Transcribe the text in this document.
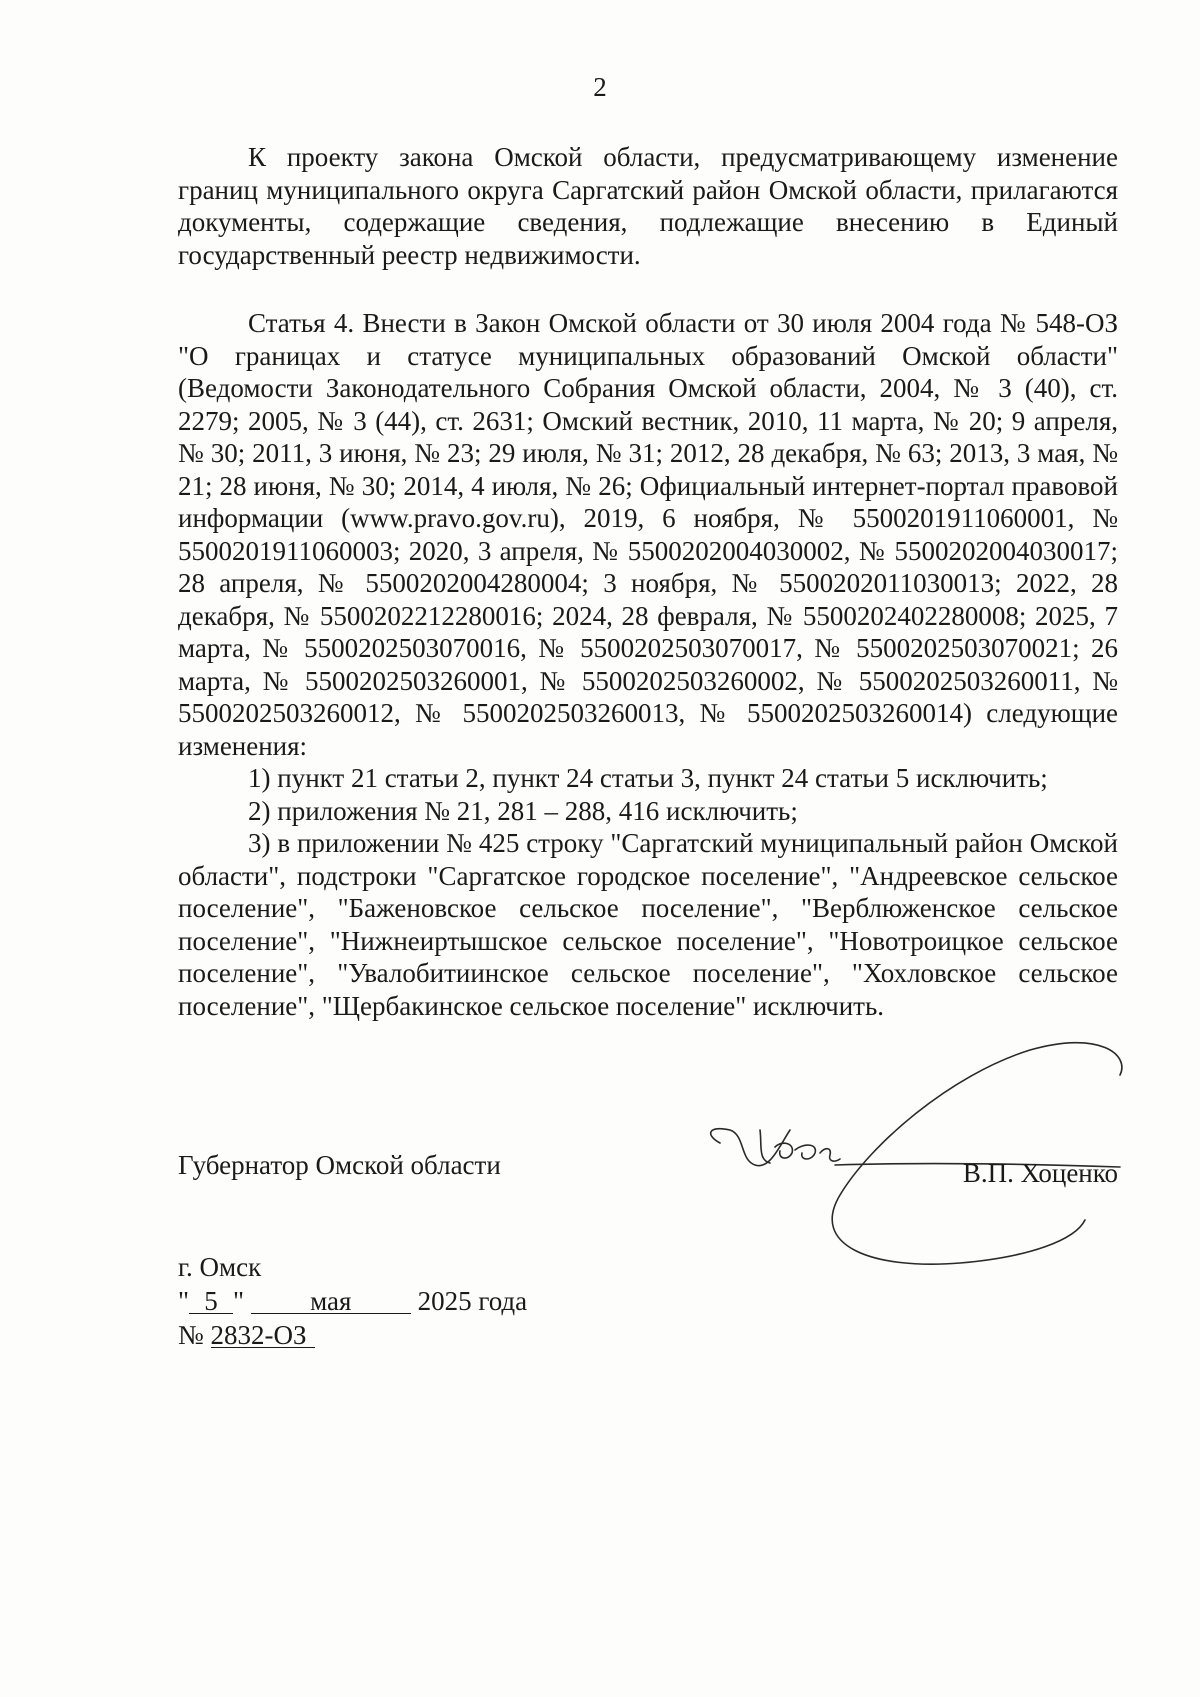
2

К проекту закона Омской области, предусматривающему изменение границ муниципального округа Саргатский район Омской области, прилагаются документы, содержащие сведения, подлежащие внесению в Единый государственный реестр недвижимости.

Статья 4. Внести в Закон Омской области от 30 июля 2004 года № 548-ОЗ "О границах и статусе муниципальных образований Омской области" (Ведомости Законодательного Собрания Омской области, 2004, № 3 (40), ст. 2279; 2005, № 3 (44), ст. 2631; Омский вестник, 2010, 11 марта, № 20; 9 апреля, № 30; 2011, 3 июня, № 23; 29 июля, № 31; 2012, 28 декабря, № 63; 2013, 3 мая, № 21; 28 июня, № 30; 2014, 4 июля, № 26; Официальный интернет-портал правовой информации (www.pravo.gov.ru), 2019, 6 ноября, № 5500201911060001, № 5500201911060003; 2020, 3 апреля, № 5500202004030002, № 5500202004030017; 28 апреля, № 5500202004280004; 3 ноября, № 5500202011030013; 2022, 28 декабря, № 5500202212280016; 2024, 28 февраля, № 5500202402280008; 2025, 7 марта, № 5500202503070016, № 5500202503070017, № 5500202503070021; 26 марта, № 5500202503260001, № 5500202503260002, № 5500202503260011, № 5500202503260012, № 5500202503260013, № 5500202503260014) следующие изменения:

1) пункт 21 статьи 2, пункт 24 статьи 3, пункт 24 статьи 5 исключить;

2) приложения № 21, 281 – 288, 416 исключить;

3) в приложении № 425 строку "Саргатский муниципальный район Омской области", подстроки "Саргатское городское поселение", "Андреевское сельское поселение", "Баженовское сельское поселение", "Верблюженское сельское поселение", "Нижнеиртышское сельское поселение", "Новотроицкое сельское поселение", "Увалобитиинское сельское поселение", "Хохловское сельское поселение", "Щербакинское сельское поселение" исключить.

Губернатор Омской области	В.П. Хоценко

г. Омск

" 5 " мая 2025 года

№ 2832-ОЗ
